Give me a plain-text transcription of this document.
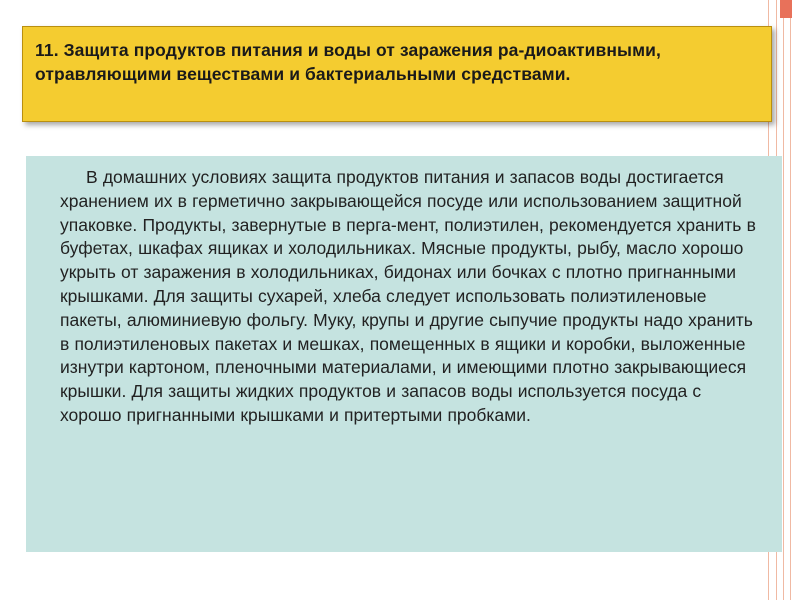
11. Защита продуктов питания и воды от заражения ра-диоактивными, отравляющими веществами и бактериальными средствами.

В домашних условиях защита продуктов питания и запасов воды достигается хранением их в герметично закрывающейся посуде или использованием защитной упаковке. Продукты, завернутые в перга-мент, полиэтилен, рекомендуется хранить в буфетах, шкафах ящиках и холодильниках. Мясные продукты, рыбу, масло хорошо укрыть от заражения в холодильниках, бидонах или бочках с плотно пригнанными крышками. Для защиты сухарей, хлеба следует использовать полиэтиленовые пакеты, алюминиевую фольгу. Муку, крупы и другие сыпучие продукты надо хранить в полиэтиленовых пакетах и мешках, помещенных в ящики и коробки, выложенные изнутри картоном, пленочными материалами, и имеющими плотно закрывающиеся крышки. Для защиты жидких продуктов и запасов воды используется посуда с хорошо пригнанными крышками и притертыми пробками.
